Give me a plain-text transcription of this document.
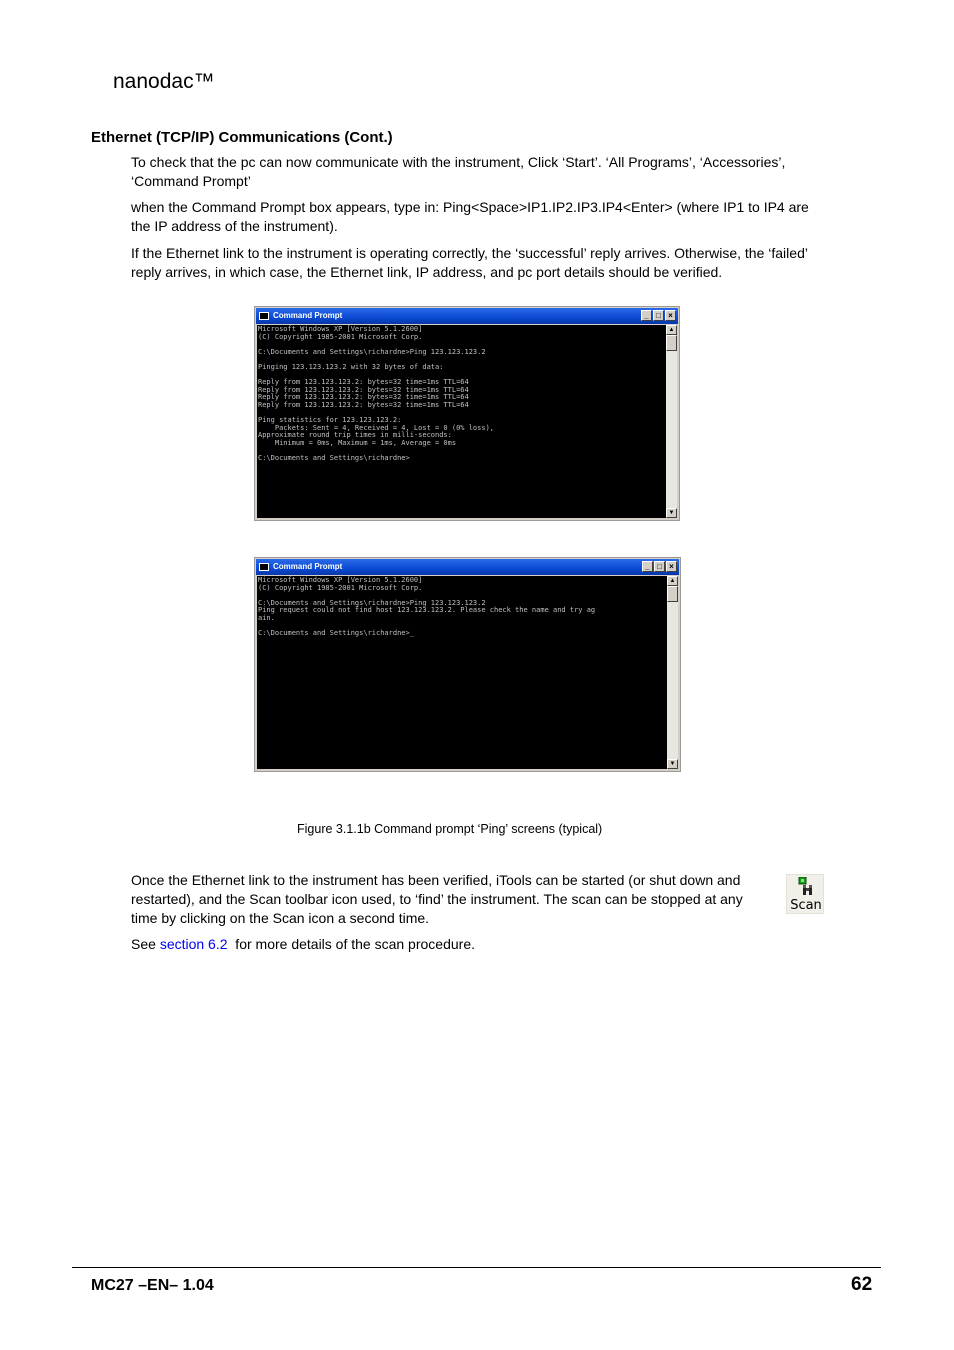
nanodac™
Ethernet (TCP/IP) Communications (Cont.)

To check that the pc can now communicate with the instrument, Click ‘Start’. ‘All Programs’, ‘Accessories’, ‘Command Prompt’

when the Command Prompt box appears, type in: Ping<Space>IP1.IP2.IP3.IP4<Enter> (where IP1 to IP4 are the IP address of the instrument).

If the Ethernet link to the instrument is operating correctly, the ‘successful’ reply arrives. Otherwise, the ‘failed’ reply arrives, in which case, the Ethernet link, IP address, and pc port details should be verified.

Command Prompt	_ □ ×
Microsoft Windows XP [Version 5.1.2600]
(C) Copyright 1985-2001 Microsoft Corp.

C:\Documents and Settings\richardne>Ping 123.123.123.2

Pinging 123.123.123.2 with 32 bytes of data:

Reply from 123.123.123.2: bytes=32 time=1ms TTL=64
Reply from 123.123.123.2: bytes=32 time=1ms TTL=64
Reply from 123.123.123.2: bytes=32 time=1ms TTL=64
Reply from 123.123.123.2: bytes=32 time=1ms TTL=64

Ping statistics for 123.123.123.2:
Packets: Sent = 4, Received = 4, Lost = 0 (0% loss),
Approximate round trip times in milli-seconds:
Minimum = 0ms, Maximum = 1ms, Average = 0ms

C:\Documents and Settings\richardne>
▲
▼
Command Prompt	_ □ ×
Microsoft Windows XP [Version 5.1.2600]
(C) Copyright 1985-2001 Microsoft Corp.

C:\Documents and Settings\richardne>Ping 123.123.123.2
Ping request could not find host 123.123.123.2. Please check the name and try ag
ain.

C:\Documents and Settings\richardne>_
▲
▼
Figure 3.1.1b Command prompt ‘Ping’ screens (typical)

Once the Ethernet link to the instrument has been verified, iTools can be started (or shut down and restarted), and the Scan toolbar icon used, to ‘find’ the instrument. The scan can be stopped at any time by clicking on the Scan icon a second time.

Scan

See section 6.2  for more details of the scan procedure.

MC27 –EN– 1.04	62
